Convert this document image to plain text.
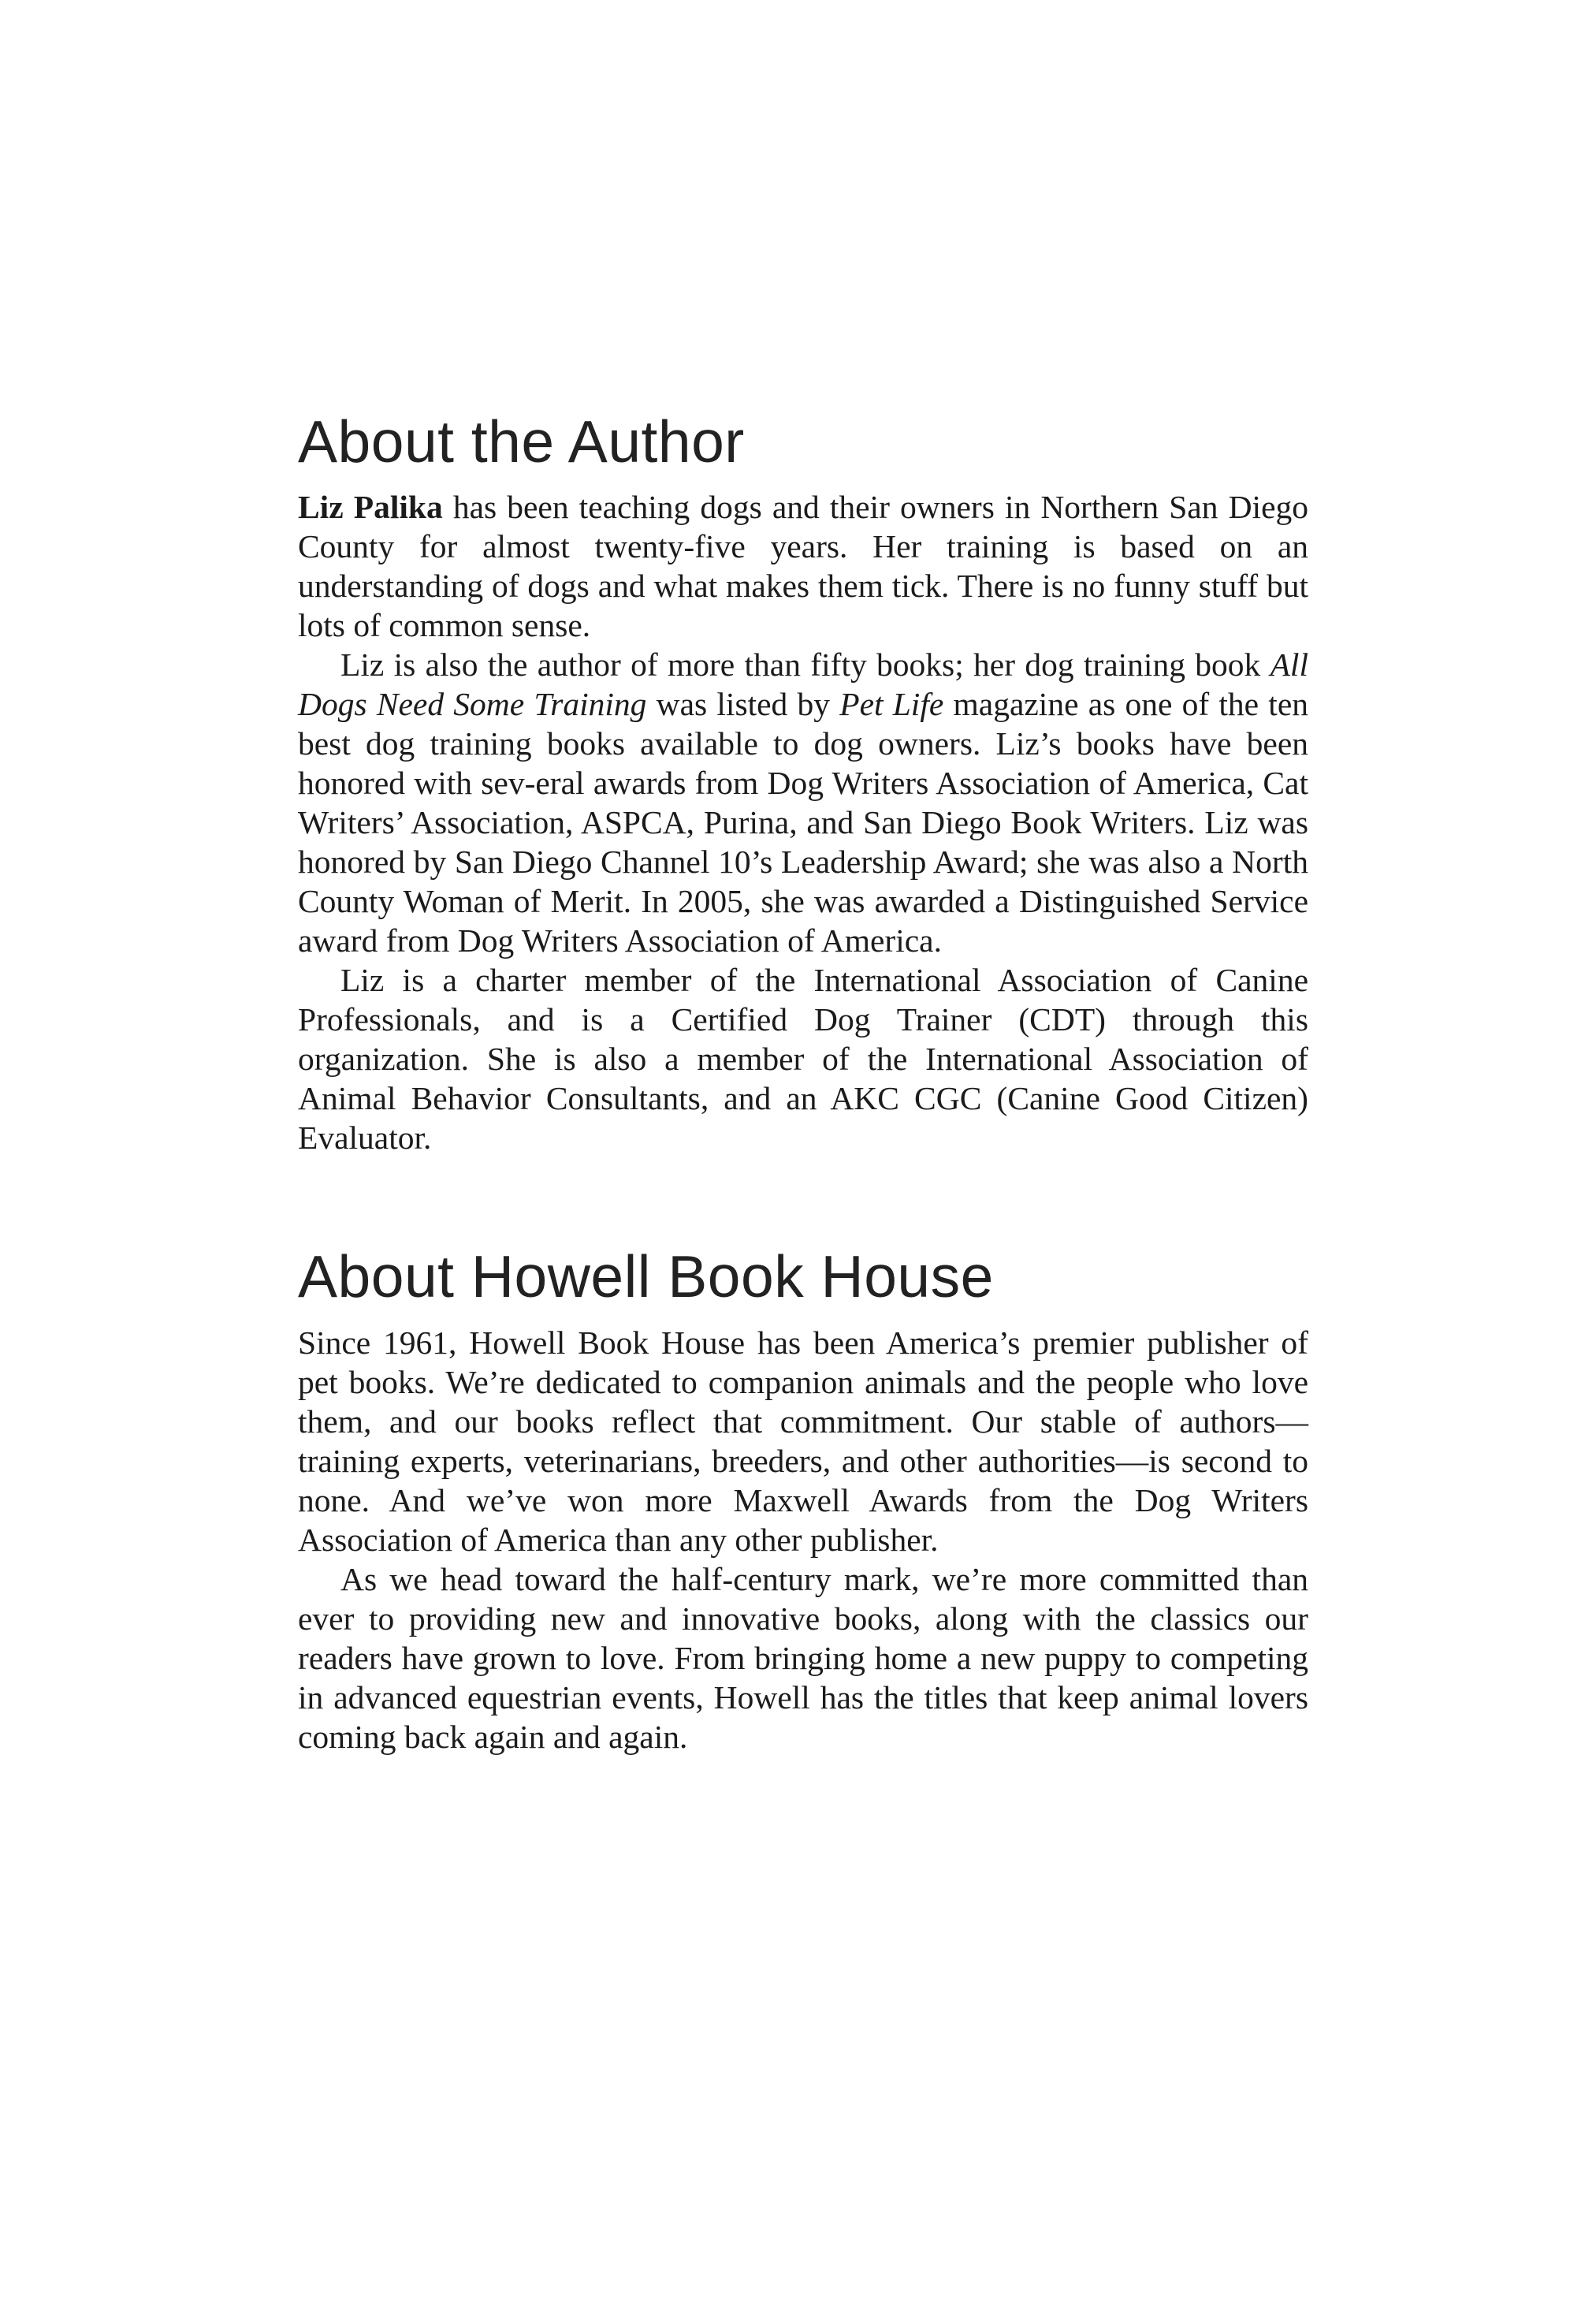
About the Author

Liz Palika has been teaching dogs and their owners in Northern San Diego County for almost twenty-five years. Her training is based on an understanding of dogs and what makes them tick. There is no funny stuff but lots of common sense.

Liz is also the author of more than fifty books; her dog training book All Dogs Need Some Training was listed by Pet Life magazine as one of the ten best dog training books available to dog owners. Liz’s books have been honored with sev-eral awards from Dog Writers Association of America, Cat Writers’ Association, ASPCA, Purina, and San Diego Book Writers. Liz was honored by San Diego Channel 10’s Leadership Award; she was also a North County Woman of Merit. In 2005, she was awarded a Distinguished Service award from Dog Writers Association of America.

Liz is a charter member of the International Association of Canine Professionals, and is a Certified Dog Trainer (CDT) through this organization. She is also a member of the International Association of Animal Behavior Consultants, and an AKC CGC (Canine Good Citizen) Evaluator.

About Howell Book House

Since 1961, Howell Book House has been America’s premier publisher of pet books. We’re dedicated to companion animals and the people who love them, and our books reflect that commitment. Our stable of authors—training experts, veterinarians, breeders, and other authorities—is second to none. And we’ve won more Maxwell Awards from the Dog Writers Association of America than any other publisher.

As we head toward the half-century mark, we’re more committed than ever to providing new and innovative books, along with the classics our readers have grown to love. From bringing home a new puppy to competing in advanced equestrian events, Howell has the titles that keep animal lovers coming back again and again.
